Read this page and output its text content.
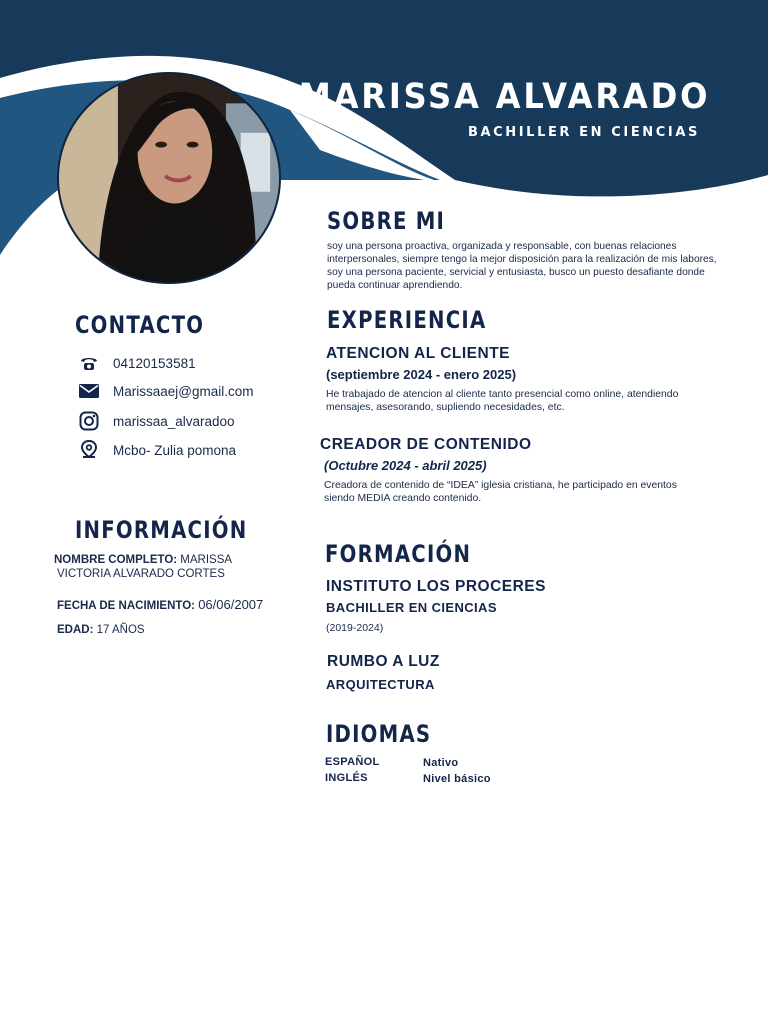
MARISSA ALVARADO
BACHILLER EN CIENCIAS
SOBRE MI
soy una persona proactiva, organizada y responsable, con buenas relaciones interpersonales, siempre tengo la mejor disposición para la realización de mis labores, soy una persona paciente, servicial y entusiasta, busco un puesto desafiante donde pueda continuar aprendiendo.
CONTACTO
04120153581
Marissaaej@gmail.com
marissaa_alvaradoo
Mcbo- Zulia pomona
INFORMACIÓN
NOMBRE COMPLETO: MARISSA
VICTORIA ALVARADO CORTES
FECHA DE NACIMIENTO: 06/06/2007
EDAD: 17 AÑOS
EXPERIENCIA
ATENCION AL CLIENTE
(septiembre 2024 - enero 2025)
He trabajado de atencion al cliente tanto presencial como online, atendiendo mensajes, asesorando, supliendo necesidades, etc.
CREADOR DE CONTENIDO
(Octubre 2024 - abril 2025)
Creadora de contenido de “IDEA” iglesia cristiana, he participado en eventos siendo MEDIA creando contenido.
FORMACIÓN
INSTITUTO LOS PROCERES
BACHILLER EN CIENCIAS
(2019-2024)
RUMBO A LUZ
ARQUITECTURA
IDIOMAS
ESPAÑOL	Nativo
INGLÉS	Nivel básico
